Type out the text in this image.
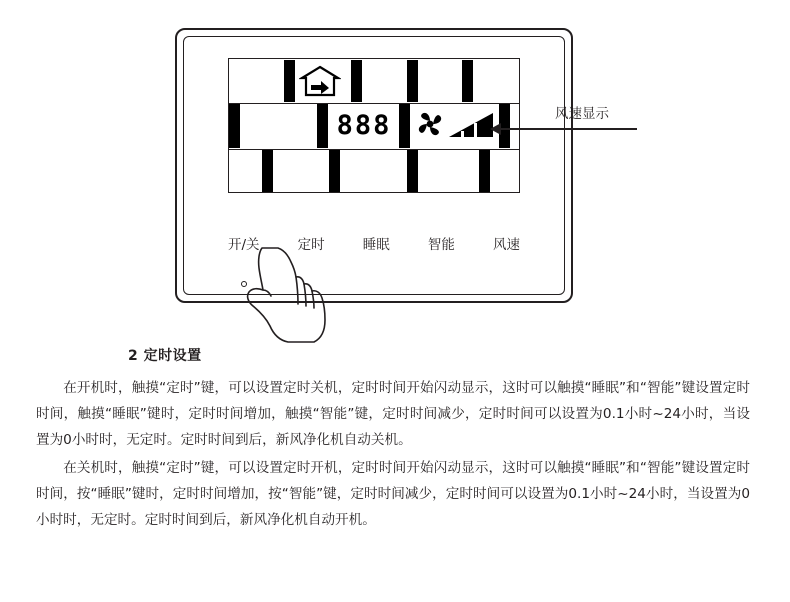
888
开/关	定时	睡眠	智能	风速
风速显示
2 定时设置

在开机时，触摸“定时”键，可以设置定时关机，定时时间开始闪动显示，这时可以触摸“睡眠”和“智能”键设置定时时间，触摸“睡眠”键时，定时时间增加，触摸“智能”键，定时时间减少，定时时间可以设置为0.1小时~24小时，当设置为0小时时，无定时。定时时间到后，新风净化机自动关机。

在关机时，触摸“定时”键，可以设置定时开机，定时时间开始闪动显示，这时可以触摸“睡眠”和“智能”键设置定时时间，按“睡眠”键时，定时时间增加，按“智能”键，定时时间减少，定时时间可以设置为0.1小时~24小时，当设置为0小时时，无定时。定时时间到后，新风净化机自动开机。
